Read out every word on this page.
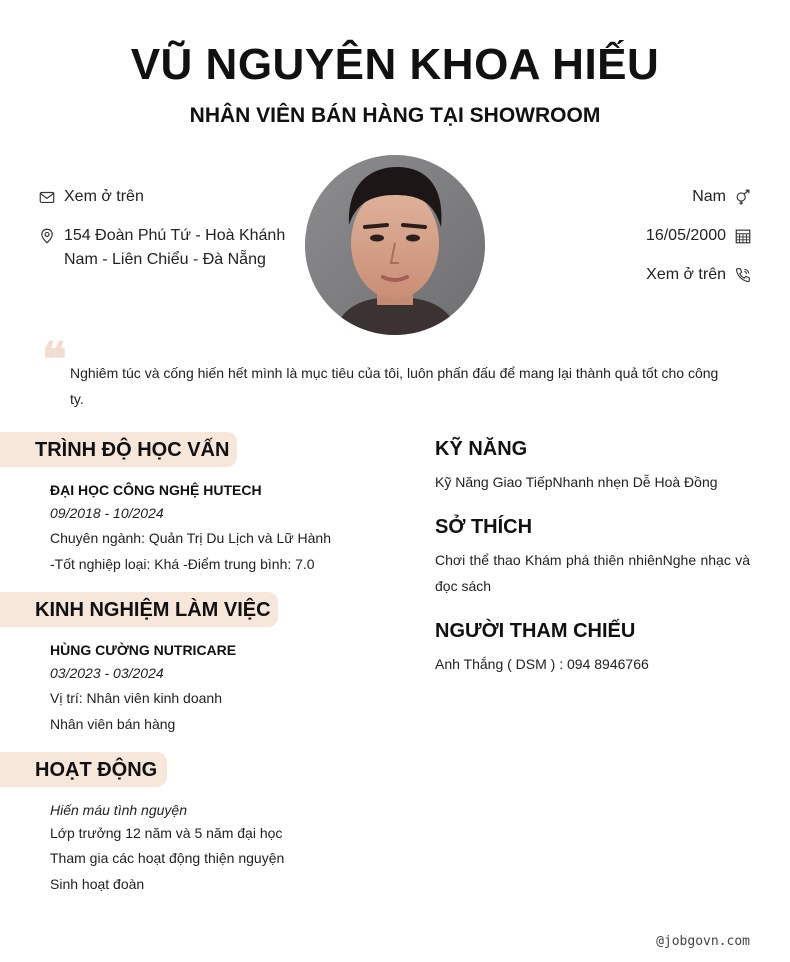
VŨ NGUYÊN KHOA HIẾU
NHÂN VIÊN BÁN HÀNG TẠI SHOWROOM
Xem ở trên
154 Đoàn Phú Tứ - Hoà Khánh Nam - Liên Chiểu - Đà Nẵng
Nam
16/05/2000
Xem ở trên
❝ Nghiêm túc và cống hiến hết mình là mục tiêu của tôi, luôn phấn đấu để mang lại thành quả tốt cho công ty.
TRÌNH ĐỘ HỌC VẤN
ĐẠI HỌC CÔNG NGHỆ HUTECH
09/2018 - 10/2024
Chuyên ngành: Quản Trị Du Lịch và Lữ Hành
-Tốt nghiệp loại: Khá -Điểm trung bình: 7.0
KINH NGHIỆM LÀM VIỆC
HÙNG CƯỜNG NUTRICARE
03/2023 - 03/2024
Vị trí: Nhân viên kinh doanh
Nhân viên bán hàng
HOẠT ĐỘNG
Hiến máu tình nguyện
Lớp trưởng 12 năm và 5 năm đại học
Tham gia các hoạt động thiện nguyện
Sinh hoạt đoàn
KỸ NĂNG
Kỹ Năng Giao TiếpNhanh nhẹn Dễ Hoà Đồng
SỞ THÍCH
Chơi thể thao Khám phá thiên nhiênNghe nhạc và đọc sách
NGƯỜI THAM CHIẾU
Anh Thắng ( DSM ) : 094 8946766
@jobgovn.com
